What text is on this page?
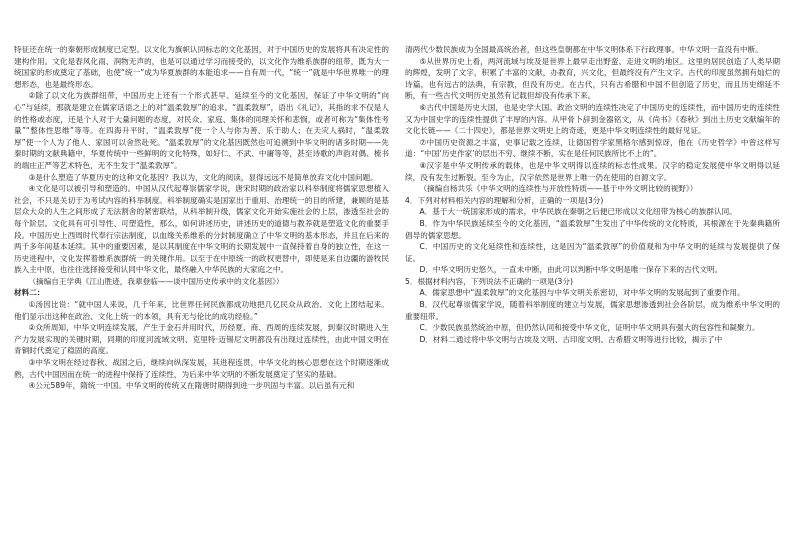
特征还在统一的秦朝形成制度已定型。以文化为旗帜认同标志的文化基因，对于中国历史的发展将具有决定性的建构作用。文化是春风化雨、润物无声的，也是可以通过学习而接受的，以文化作为维系族群的纽带，既为大一统国家的形成奠定了基础，也使“统一”成为华夏族群的本能追求——自有周一代，“统一”就是中华世界唯一的理想形态，也是最终形态。

②除了以文化为族群纽带，中国历史上还有一个形式甚早、延续至今的文化基因，保证了中华文明的“向心”与延续，那就是建立在儒家话语之上的对“温柔敦厚”的追求。“温柔敦厚”，语出《礼记》，其指的求不仅是人的性格或态度，还是个人对于大量问题的态度，对民众、家庭、集体的同理关怀和悲悯，或者可称为“集体性考量”“整体性思维”等等。在四海升平时，“温柔敦厚”使一个人与你为善、乐于助人；在天灾人祸时，“温柔敦厚”使一个人为了他人、家国可以舍然赴死。“温柔敦厚”的文化基因既然也可追溯到中华文明的诸多时期——先秦时期的文献典籍中，华夏传统中一些鲜明的文化特殊，如好仁、不武、中庸等等，甚至诗歌的声韵对偶、梳书的端庄正严等艺术特色，无不生发于“温柔敦厚”。

③是什么塑造了华夏历史的这种文化基因？我以为，文化的阅读，显得远远不是简单放弃文化中国问题。

④文化是可以被引导和塑造的。中国从汉代起尊崇儒家学说，唐宋时期的政治家以科举制度将儒家思想植入社会，不只是关切于为考试内容的科举制度。科举制度确实是国家出于重用、治理统一的目的所建，兼顾的是基层众大众的人生之间形成了无法割舍的紧密联结，从科举制升级，儒家文化开始实施社会的上层，渗透至社会的每个阶层。文化具有可引导性、可塑造性，那么，如何讲述历史，讲述历史的道德与教养就是塑造文化的重要手段。中国历史上西周时代奉行宗法制度，以血缘关系维系的分封制度确立了中华文明的基本形态，并且在后来的两千多年间基本延续。其中的重要因素，是以其制度在中华文明的长期发展中一直保持着自身的独立性，在这一历史进程中，文化发挥着维系族群统一的关键作用。以至于在中原统一的政权更替中，即使是来自边疆的游牧民族入主中原，也往往选择接受和认同中华文化，最终融入中华民族的大家庭之中。

（摘编自王学典《江山胜迹，我辈登临——谈中国历史传承中的文化基因》）

材料二：

①汤因比说：“就中国人来说，几千年来，比世界任何民族都成功地把几亿民众从政治、文化上团结起来。他们显示出这种在政治、文化上统一的本领，具有无与伦比的成功经验。”

②众所周知，中华文明连续发展，产生于金石并用时代，历经夏、商、西周的连续发展，到秦汉时期进入生产力发展实现的关键时期，同期的印度河流域文明、克里特·迈锡尼文明都没有出现过连续性，由此中国文明在青铜时代奠定了稳固的高度。

③中华文明在经过春秋、战国之后，继续向纵深发展，其进程连贯，中华文化的核心思想在这个时期逐渐成熟，古代中国因而在统一的进程中保持了连续性，为后来中华文明的不断发展奠定了坚实的基础。

④公元589年，隋统一中国。中华文明的传统又在隋唐时期得到进一步巩固与丰富。以后虽有元和

清两代少数民族成为全国最高统治者，但这些皇朝都在中华文明体系下行政理事。中华文明一直没有中断。

⑤从世界历史上看，两河流域与埃及是世界上最早走出野蛮、走进文明的地区。这里的居民创造了人类早期的辉煌，发明了文字，积累了丰富的文献，办教育，兴文化，但最终没有产生文字。古代的印度虽然拥有灿烂的诗篇，也有远古的法典，有宗教，但没有历史。在古代，只有古希腊和中国不但创造了历史，而且历史绵延不断，有一些古代文明历史虽然有记载但却没有传承下来。

⑥古代中国是历史大国，也是史学大国。政治文明的连续性决定了中国历史的连续性，而中国历史的连续性又为中国史学的连续性提供了丰厚的内容。从甲骨卜辞到金器铭文，从《尚书》《春秋》到出土历史文献编年的文化长链——《二十四史》，都是世界文明史上的奇迹，更是中华文明连续性的最好见证。

⑦中国历史资源之丰富，史事记载之连续，让德国哲学家黑格尔感到惊讶，他在《历史哲学》中曾这样写道：“中国‘历史作家’的层出不穷、继续不断，实在是任何民族所比不上的”。

⑧汉字是中华文明传承的载体，也是中华文明得以连续的标志性成果。汉字的稳定发展使中华文明得以延续，没有发生过断裂。至今为止，汉字依然是世界上唯一仍在使用的自源文字。

（摘编自杨共乐《中华文明的连续性与开放性特质——基于中外文明比较的视野》）

4．下列对材料相关内容的理解和分析，正确的一项是(3分)

A．基于大一统国家形成的需求，中华民族在秦朝之后便已形成以文化纽带为核心的族群认同。

B．作为中华民族延续至今的文化基因，“温柔敦厚”生发出了中华传统的文化特质，其根源在于先秦典籍所倡导的儒家思想。

C．中国历史的文化延续性和连续性，这是因为“温柔敦厚”的价值观和为中华文明的延续与发展提供了保证。

D．中华文明历史悠久，一直未中断，由此可以判断中华文明是唯一保存下来的古代文明。

5．根据材料内容，下列说法不正确的一项是(3分)

A．儒家思想中“温柔敦厚”的文化基因与中华文明关系密切，对中华文明的发展起到了重要作用。

B．汉代起尊崇儒家学说，随着科举制度的建立与发展，儒家思想渗透到社会各阶层，成为维系中华文明的重要纽带。

C．少数民族虽然统治中原，但仍然认同和接受中华文化，证明中华文明具有强大的包容性和凝聚力。

D．材料二通过将中华文明与古埃及文明、古印度文明、古希腊文明等进行比较，揭示了中
